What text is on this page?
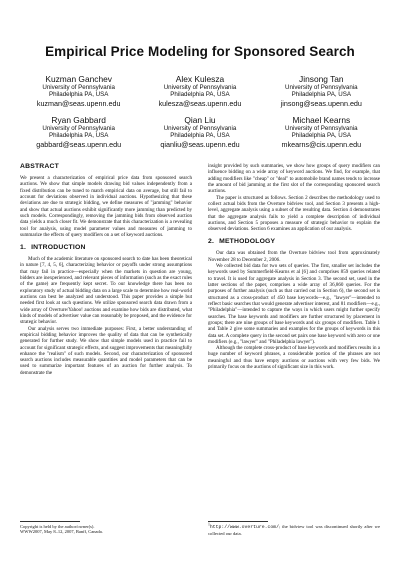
Empirical Price Modeling for Sponsored Search
Kuzman Ganchev
University of Pennsylvania
Philadelphia PA, USA
kuzman@seas.upenn.edu
Alex Kulesza
University of Pennsylvania
Philadelphia PA, USA
kulesza@seas.upenn.edu
Jinsong Tan
University of Pennsylvania
Philadelphia PA, USA
jinsong@seas.upenn.edu
Ryan Gabbard
University of Pennsylvania
Philadelphia PA, USA
gabbard@seas.upenn.edu
Qian Liu
University of Pennsylvania
Philadelphia PA, USA
qianliu@seas.upenn.edu
Michael Kearns
University of Pennsylvania
Philadelphia PA, USA
mkearns@cis.upenn.edu
ABSTRACT

We present a characterization of empirical price data from sponsored search auctions. We show that simple models drawing bid values independently from a fixed distribution can be tuned to match empirical data on average, but still fail to account for deviations observed in individual auctions. Hypothesizing that these deviations are due to strategic bidding, we define measures of "jamming" behavior and show that actual auctions exhibit significantly more jamming than predicted by such models. Correspondingly, removing the jamming bids from observed auction data yields a much closer fit. We demonstrate that this characterization is a revealing tool for analysis, using model parameter values and measures of jamming to summarize the effects of query modifiers on a set of keyword auctions.

1. INTRODUCTION

Much of the academic literature on sponsored search to date has been theoretical in nature [7, 4, 5, 6], characterizing behavior or payoffs under strong assumptions that may fail in practice—especially when the markets in question are young, bidders are inexperienced, and relevant pieces of information (such as the exact rules of the game) are frequently kept secret. To our knowledge there has been no exploratory study of actual bidding data on a large scale to determine how real-world auctions can best be analyzed and understood. This paper provides a simple but needed first look at such questions. We utilize sponsored search data drawn from a wide array of Overture/Yahoo! auctions and examine how bids are distributed, what kinds of models of advertiser value can reasonably be proposed, and the evidence for strategic behavior.

Our analysis serves two immediate purposes: First, a better understanding of empirical bidding behavior improves the quality of data that can be synthetically generated for further study. We show that simple models used in practice fail to account for significant strategic effects, and suggest improvements that meaningfully enhance the "realism" of such models. Second, our characterization of sponsored search auctions includes measurable quantities and model parameters that can be used to summarize important features of an auction for further analysis. To demonstrate the

insight provided by such summaries, we show how groups of query modifiers can influence bidding on a wide array of keyword auctions. We find, for example, that adding modifiers like "cheap" or "deal" to automobile brand names tends to increase the amount of bid jamming at the first slot of the corresponding sponsored search auctions.

The paper is structured as follows. Section 2 describes the methodology used to collect actual bids from the Overture bidview tool, and Section 3 presents a high-level, aggregate analysis using a subset of the resulting data. Section 4 demonstrates that the aggregate analysis fails to yield a complete description of individual auctions, and Section 5 proposes a measure of strategic behavior to explain the observed deviations. Section 6 examines an application of our analysis.

2. METHODOLOGY

Our data was obtained from the Overture bidview tool from approximately November 28 to December 2, 2006.

We collected bid data for two sets of queries. The first, smaller set includes the keywords used by Summerfield-Kearns et al [6] and comprises 859 queries related to travel. It is used for aggregate analysis in Section 3. The second set, used in the latter sections of the paper, comprises a wide array of 36,860 queries. For the purposes of further analysis (such as that carried out in Section 6), the second set is structured as a cross-product of 450 base keywords—e.g., "lawyer"—intended to reflect basic searches that would generate advertiser interest, and 81 modifiers—e.g., "Philadelphia"—intended to capture the ways in which users might further specify searches. The base keywords and modifiers are further structured by placement in groups; there are nine groups of base keywords and six groups of modifiers. Table 1 and Table 2 give some summaries and examples for the groups of keywords in this data set. A complete query in the second set pairs one base keyword with zero or one modifiers (e.g., "lawyer" and "Philadelphia lawyer").

Although the complete cross-product of base keywords and modifiers results in a huge number of keyword phrases, a considerable portion of the phrases are not meaningful and thus have empty auctions or auctions with very few bids. We primarily focus on the auctions of significant size in this work.

Copyright is held by the author/owner(s).
WWW2007, May 8–12, 2007, Banff, Canada.
$^1$http://www.overture.com/; the bidview tool was discontinued shortly after we collected our data.
